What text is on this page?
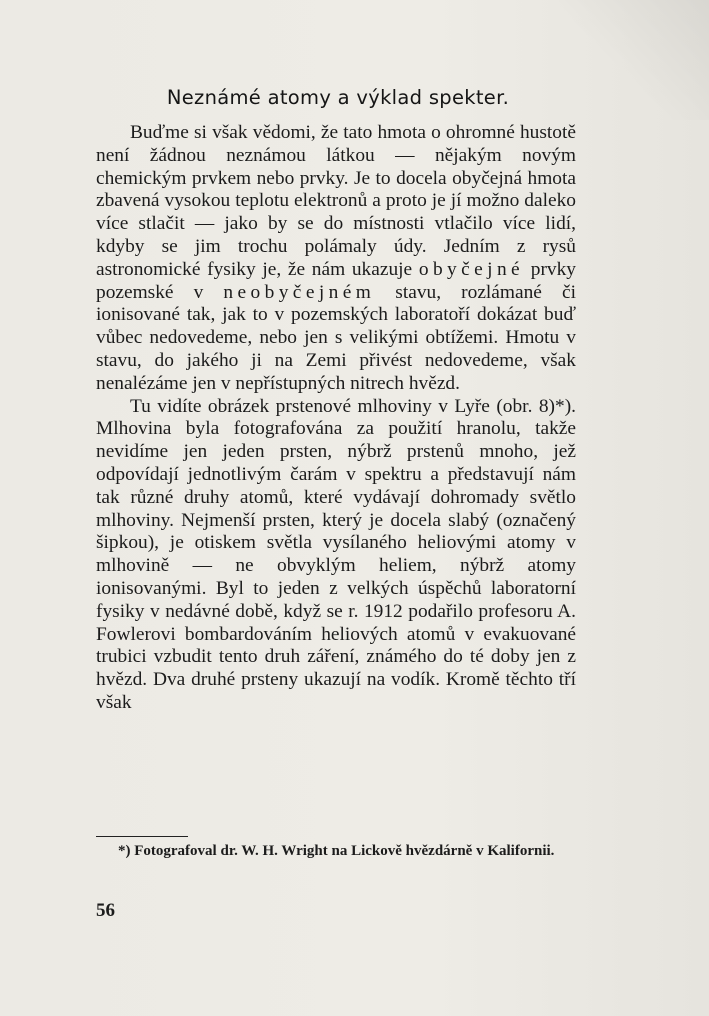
Neznámé atomy a výklad spekter.

Buďme si však vědomi, že tato hmota o ohromné hustotě není žádnou neznámou látkou — nějakým novým chemickým prvkem nebo prvky. Je to docela obyčejná hmota zbavená vysokou teplotu elektronů a proto je jí možno daleko více stlačit — jako by se do místnosti vtlačilo více lidí, kdyby se jim trochu polámaly údy. Jedním z rysů astronomické fysiky je, že nám ukazuje obyčejné prvky pozemské v neobyčejném stavu, rozlámané či ionisované tak, jak to v pozemských laboratoří dokázat buď vůbec nedovedeme, nebo jen s velikými obtížemi. Hmotu v stavu, do jakého ji na Zemi přivést nedovedeme, však nenalézáme jen v nepřístupných nitrech hvězd.

Tu vidíte obrázek prstenové mlhoviny v Lyře (obr. 8)*). Mlhovina byla fotografována za použití hranolu, takže nevidíme jen jeden prsten, nýbrž prstenů mnoho, jež odpovídají jednotlivým čarám v spektru a představují nám tak různé druhy atomů, které vydávají dohromady světlo mlhoviny. Nejmenší prsten, který je docela slabý (označený šipkou), je otiskem světla vysílaného heliovými atomy v mlhovině — ne obvyklým heliem, nýbrž atomy ionisovanými. Byl to jeden z velkých úspěchů laboratorní fysiky v nedávné době, když se r. 1912 podařilo profesoru A. Fowlerovi bombardováním heliových atomů v evakuované trubici vzbudit tento druh záření, známého do té doby jen z hvězd. Dva druhé prsteny ukazují na vodík. Kromě těchto tří však

*) Fotografoval dr. W. H. Wright na Lickově hvězdárně v Kalifornii.
56
